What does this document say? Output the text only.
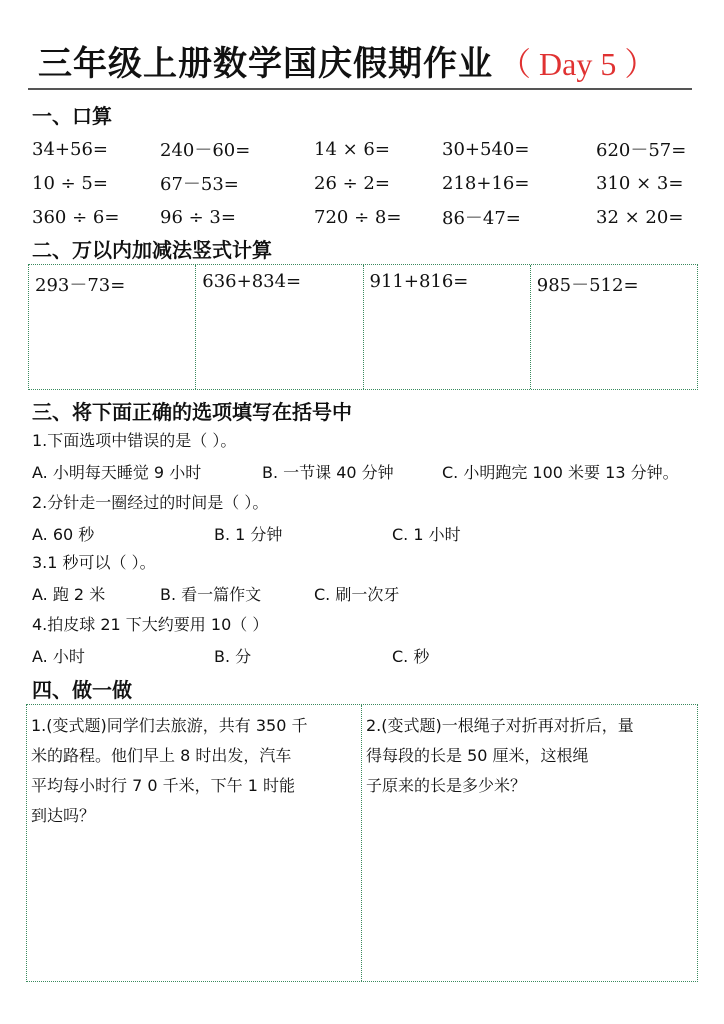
三年级上册数学国庆假期作业 （ Day 5 ）
一、口算
34+56=	240－60=	14 × 6=	30+540=	620－57=
10 ÷ 5=	67－53=	26 ÷ 2=	218+16=	310 × 3=
360 ÷ 6=	96 ÷ 3=	720 ÷ 8=	86－47=	32 × 20=
二、万以内加减法竖式计算
293－73=	636+834=	911+816=	985－512=
三、将下面正确的选项填写在括号中
1.下面选项中错误的是（ ）。
A. 小明每天睡觉 9 小时	B. 一节课 40 分钟	C. 小明跑完 100 米要 13 分钟。
2.分针走一圈经过的时间是（ ）。
A. 60 秒	B. 1 分钟	C. 1 小时
3.1 秒可以（ ）。
A. 跑 2 米	B. 看一篇作文	C. 刷一次牙
4.拍皮球 21 下大约要用 10（ ）
A. 小时	B. 分	C. 秒
四、做一做
1.(变式题)同学们去旅游，共有 350 千
米的路程。他们早上 8 时出发，汽车
平均每小时行 7 0 千米，下午 1 时能
到达吗？
2.(变式题)一根绳子对折再对折后，量
得每段的长是 50 厘米，这根绳
子原来的长是多少米？
